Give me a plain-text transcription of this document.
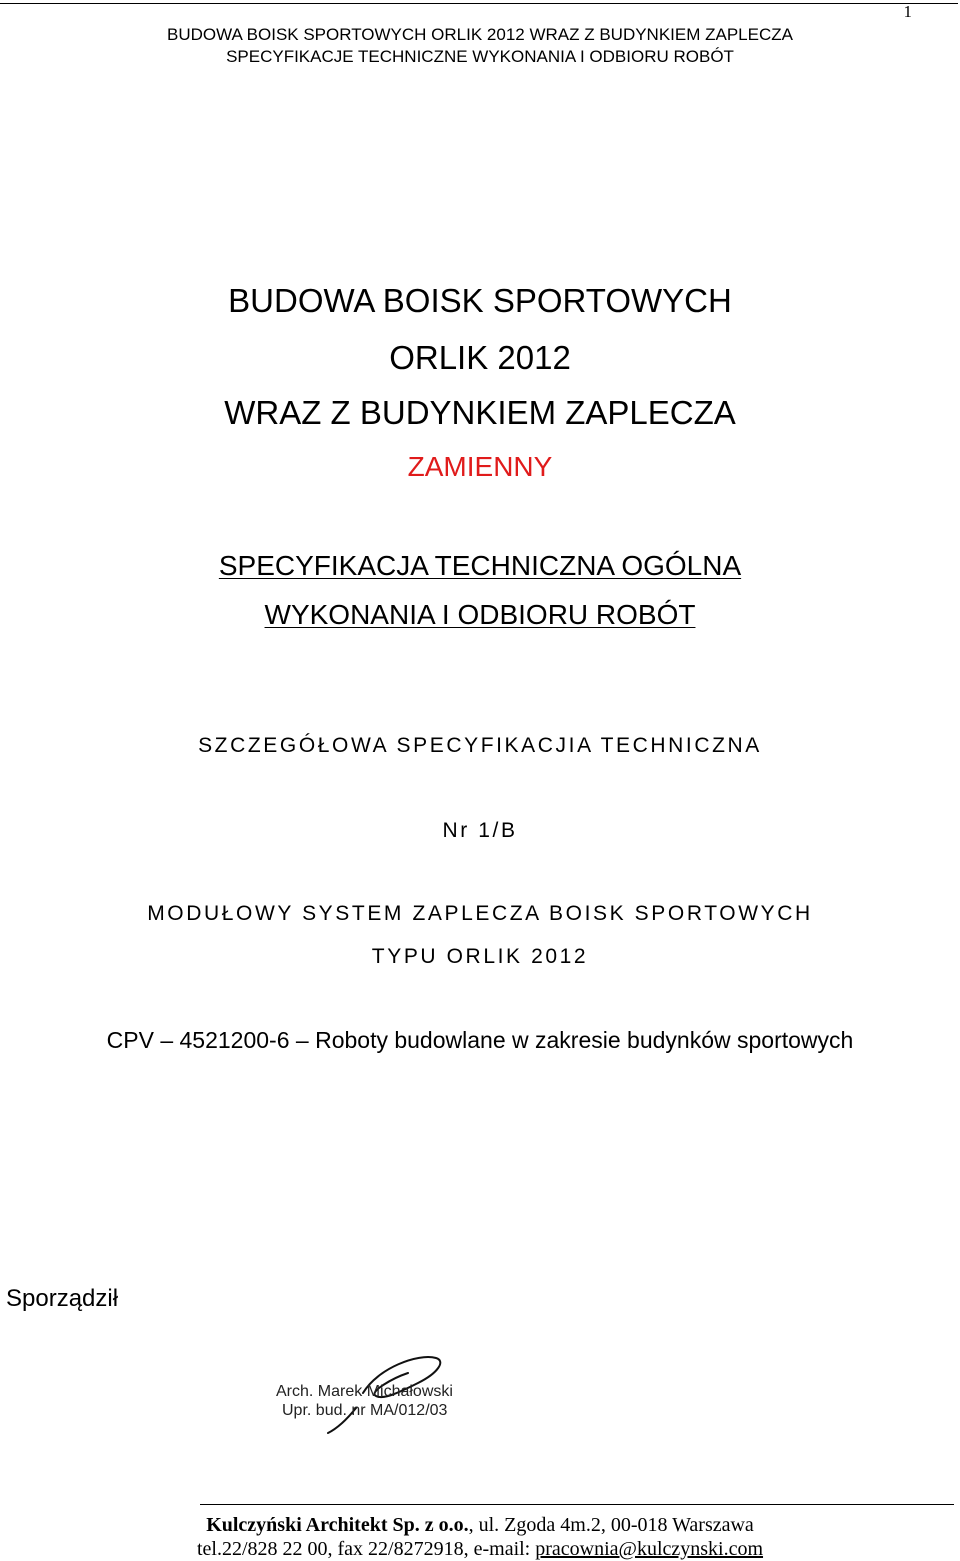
1
BUDOWA BOISK SPORTOWYCH ORLIK 2012 WRAZ Z BUDYNKIEM ZAPLECZA
SPECYFIKACJE TECHNICZNE WYKONANIA I ODBIORU ROBÓT
BUDOWA BOISK SPORTOWYCH
ORLIK 2012
WRAZ Z BUDYNKIEM ZAPLECZA
ZAMIENNY
SPECYFIKACJA TECHNICZNA OGÓLNA
WYKONANIA I ODBIORU ROBÓT
SZCZEGÓŁOWA SPECYFIKACJIA TECHNICZNA
Nr 1/B
MODUŁOWY SYSTEM ZAPLECZA BOISK SPORTOWYCH
TYPU ORLIK 2012
CPV – 4521200-6 – Roboty budowlane w zakresie budynków sportowych
Sporządził
Arch. Marek Michałowski
Upr. bud. nr MA/012/03
Kulczyński Architekt Sp. z o.o., ul. Zgoda 4m.2, 00-018 Warszawa
tel.22/828 22 00, fax 22/8272918, e-mail: pracownia@kulczynski.com
